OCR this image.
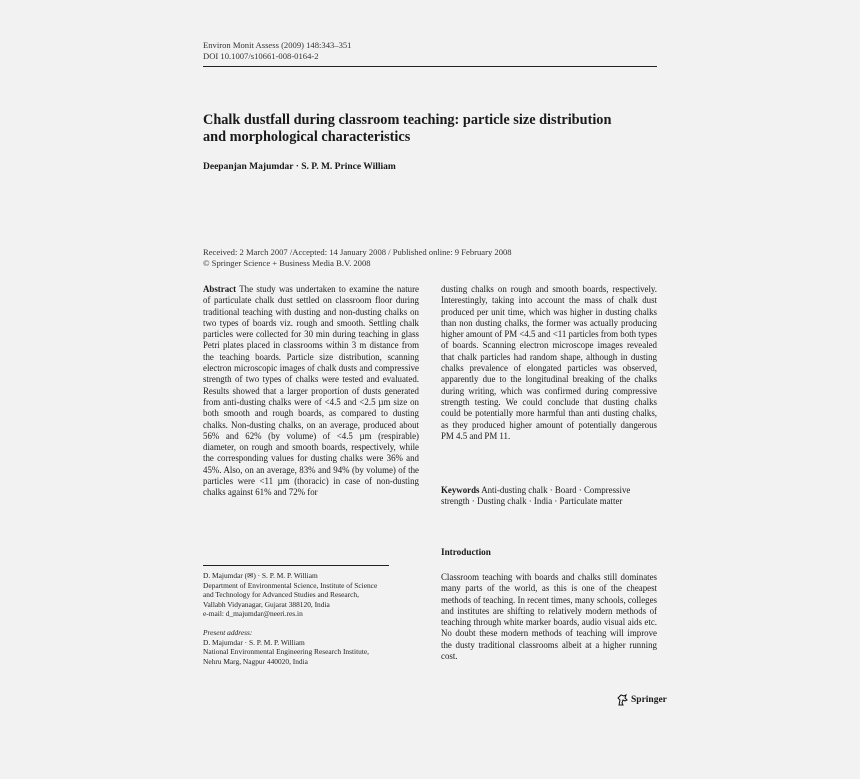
Environ Monit Assess (2009) 148:343–351
DOI 10.1007/s10661-008-0164-2
Chalk dustfall during classroom teaching: particle size distribution and morphological characteristics
Deepanjan Majumdar · S. P. M. Prince William
Received: 2 March 2007 /Accepted: 14 January 2008 / Published online: 9 February 2008
© Springer Science + Business Media B.V. 2008
Abstract The study was undertaken to examine the nature of particulate chalk dust settled on classroom floor during traditional teaching with dusting and non-dusting chalks on two types of boards viz. rough and smooth. Settling chalk particles were collected for 30 min during teaching in glass Petri plates placed in classrooms within 3 m distance from the teaching boards. Particle size distribution, scanning electron microscopic images of chalk dusts and compressive strength of two types of chalks were tested and evaluated. Results showed that a larger proportion of dusts generated from anti-dusting chalks were of <4.5 and <2.5 µm size on both smooth and rough boards, as compared to dusting chalks. Non-dusting chalks, on an average, produced about 56% and 62% (by volume) of <4.5 µm (respirable) diameter, on rough and smooth boards, respectively, while the corresponding values for dusting chalks were 36% and 45%. Also, on an average, 83% and 94% (by volume) of the particles were <11 µm (thoracic) in case of non-dusting chalks against 61% and 72% for
dusting chalks on rough and smooth boards, respectively. Interestingly, taking into account the mass of chalk dust produced per unit time, which was higher in dusting chalks than non dusting chalks, the former was actually producing higher amount of PM <4.5 and <11 particles from both types of boards. Scanning electron microscope images revealed that chalk particles had random shape, although in dusting chalks prevalence of elongated particles was observed, apparently due to the longitudinal breaking of the chalks during writing, which was confirmed during compressive strength testing. We could conclude that dusting chalks could be potentially more harmful than anti dusting chalks, as they produced higher amount of potentially dangerous PM 4.5 and PM 11.
Keywords Anti-dusting chalk · Board · Compressive strength · Dusting chalk · India · Particulate matter
Introduction
Classroom teaching with boards and chalks still dominates many parts of the world, as this is one of the cheapest methods of teaching. In recent times, many schools, colleges and institutes are shifting to relatively modern methods of teaching through white marker boards, audio visual aids etc. No doubt these modern methods of teaching will improve the dusty traditional classrooms albeit at a higher running cost.
D. Majumdar (✉) · S. P. M. P. William
Department of Environmental Science, Institute of Science
and Technology for Advanced Studies and Research,
Vallabh Vidyanagar, Gujarat 388120, India
e-mail: d_majumdar@neeri.res.in
Present address:
D. Majumdar · S. P. M. P. William
National Environmental Engineering Research Institute,
Nehru Marg, Nagpur 440020, India
Springer
